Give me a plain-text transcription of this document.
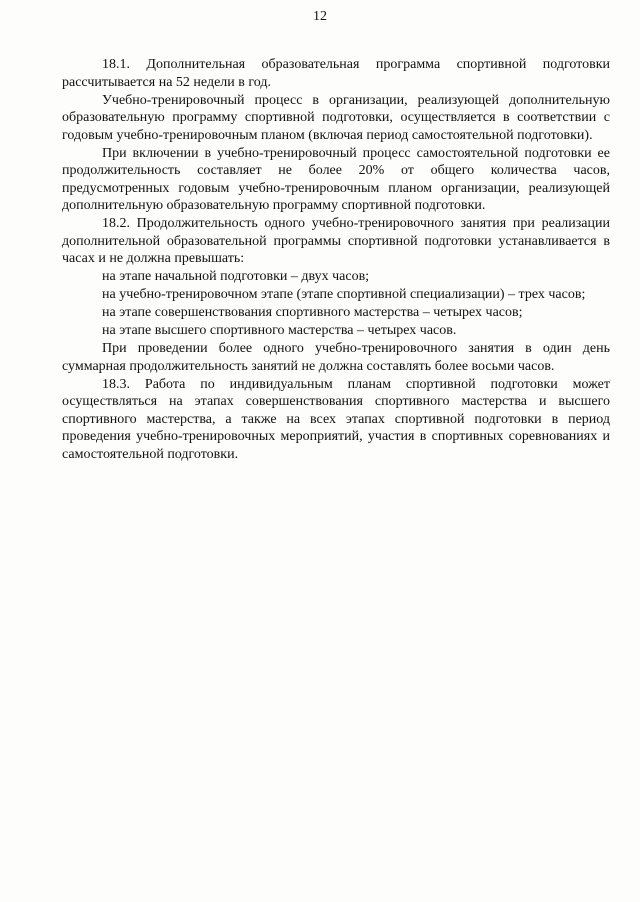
12

18.1. Дополнительная образовательная программа спортивной подготовки рассчитывается на 52 недели в год.

Учебно-тренировочный процесс в организации, реализующей дополнительную образовательную программу спортивной подготовки, осуществляется в соответствии с годовым учебно-тренировочным планом (включая период самостоятельной подготовки).

При включении в учебно-тренировочный процесс самостоятельной подготовки ее продолжительность составляет не более 20% от общего количества часов, предусмотренных годовым учебно-тренировочным планом организации, реализующей дополнительную образовательную программу спортивной подготовки.

18.2. Продолжительность одного учебно-тренировочного занятия при реализации дополнительной образовательной программы спортивной подготовки устанавливается в часах и не должна превышать:

на этапе начальной подготовки – двух часов;

на учебно-тренировочном этапе (этапе спортивной специализации) – трех часов;

на этапе совершенствования спортивного мастерства – четырех часов;

на этапе высшего спортивного мастерства – четырех часов.

При проведении более одного учебно-тренировочного занятия в один день суммарная продолжительность занятий не должна составлять более восьми часов.

18.3. Работа по индивидуальным планам спортивной подготовки может осуществляться на этапах совершенствования спортивного мастерства и высшего спортивного мастерства, а также на всех этапах спортивной подготовки в период проведения учебно-тренировочных мероприятий, участия в спортивных соревнованиях и самостоятельной подготовки.
